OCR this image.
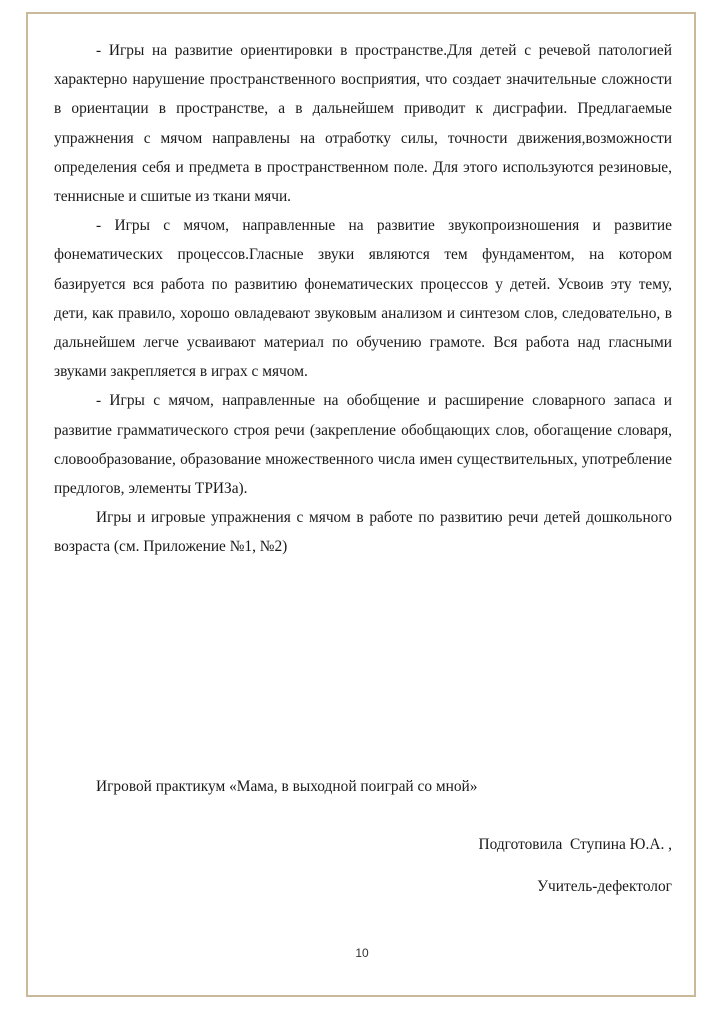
- Игры на развитие ориентировки в пространстве.Для детей с речевой патологией характерно нарушение пространственного восприятия, что создает значительные сложности в ориентации в пространстве, а в дальнейшем приводит к дисграфии. Предлагаемые упражнения с мячом направлены на отработку силы, точности движения,возможности определения себя и предмета в пространственном поле. Для этого используются резиновые, теннисные и сшитые из ткани мячи.

- Игры с мячом, направленные на развитие звукопроизношения и развитие фонематических процессов.Гласные звуки являются тем фундаментом, на котором базируется вся работа по развитию фонематических процессов у детей. Усвоив эту тему, дети, как правило, хорошо овладевают звуковым анализом и синтезом слов, следовательно, в дальнейшем легче усваивают материал по обучению грамоте. Вся работа над гласными звуками закрепляется в играх с мячом.

- Игры с мячом, направленные на обобщение и расширение словарного запаса и развитие грамматического строя речи (закрепление обобщающих слов, обогащение словаря, словообразование, образование множественного числа имен существительных, употребление предлогов, элементы ТРИЗа).

Игры и игровые упражнения с мячом в работе по развитию речи детей дошкольного возраста (см. Приложение №1, №2)

Игровой практикум «Мама, в выходной поиграй со мной»
Подготовила  Ступина Ю.А. ,
Учитель-дефектолог
10
